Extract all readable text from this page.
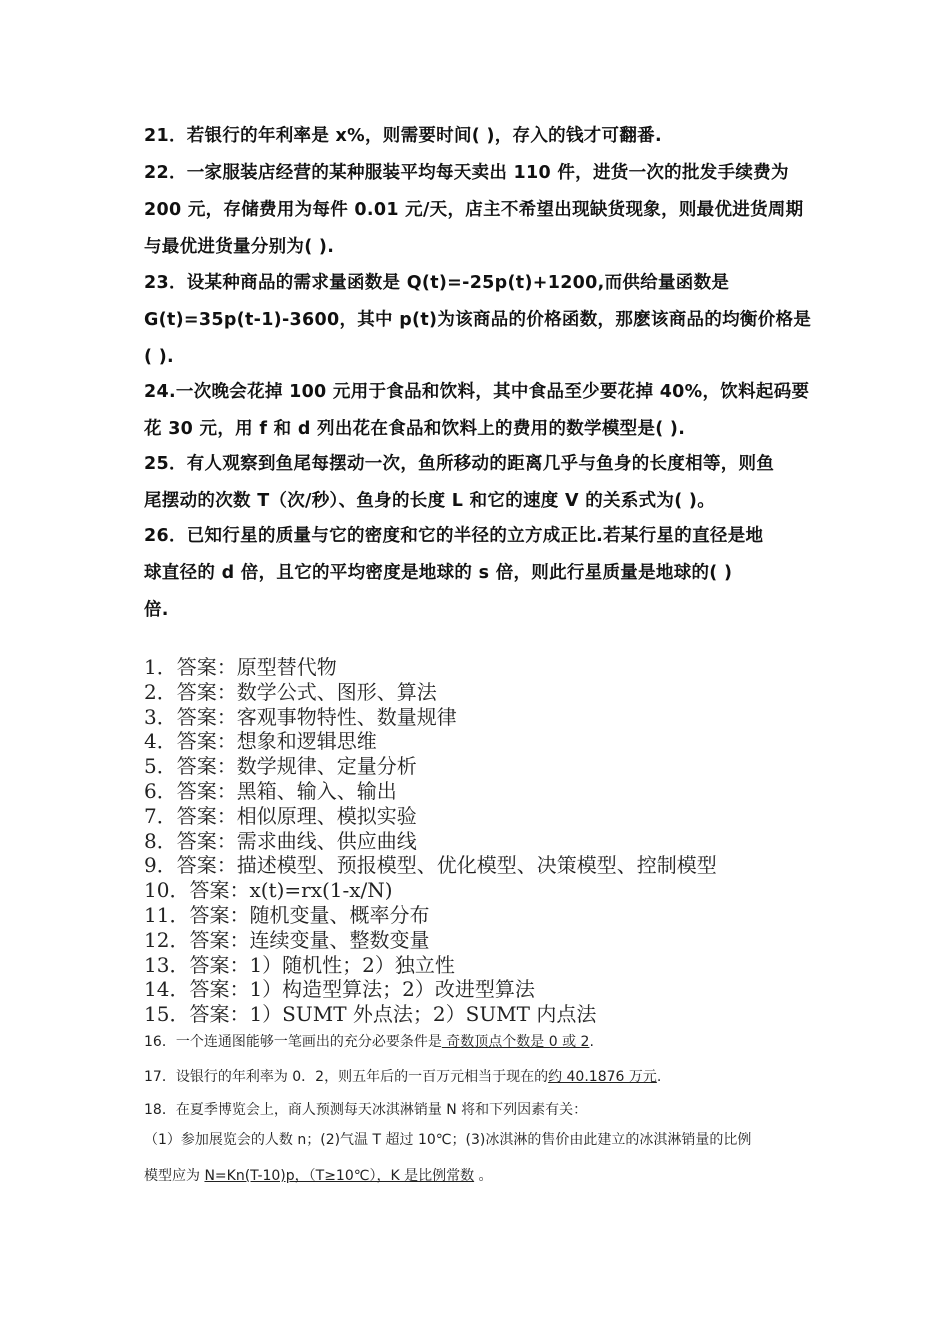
21．若银行的年利率是 x%，则需要时间( )，存入的钱才可翻番.
22．一家服装店经营的某种服装平均每天卖出 110 件，进货一次的批发手续费为
200 元，存储费用为每件 0.01 元/天，店主不希望出现缺货现象，则最优进货周期
与最优进货量分别为( ).
23．设某种商品的需求量函数是 Q(t)=-25p(t)+1200,而供给量函数是
G(t)=35p(t-1)-3600，其中 p(t)为该商品的价格函数，那麽该商品的均衡价格是
( ).
24.一次晚会花掉 100 元用于食品和饮料，其中食品至少要花掉 40%，饮料起码要
花 30 元，用 f 和 d 列出花在食品和饮料上的费用的数学模型是( ).
25．有人观察到鱼尾每摆动一次，鱼所移动的距离几乎与鱼身的长度相等，则鱼
尾摆动的次数 T（次/秒）、鱼身的长度 L 和它的速度 V 的关系式为( )。
26．已知行星的质量与它的密度和它的半径的立方成正比.若某行星的直径是地
球直径的 d 倍，且它的平均密度是地球的 s 倍，则此行星质量是地球的( )
倍.
1．答案：原型替代物
2．答案：数学公式、图形、算法
3．答案：客观事物特性、数量规律
4．答案：想象和逻辑思维
5．答案：数学规律、定量分析
6．答案：黑箱、输入、输出
7．答案：相似原理、模拟实验
8．答案：需求曲线、供应曲线
9．答案：描述模型、预报模型、优化模型、决策模型、控制模型
10．答案：x(t)=rx(1-x/N)
11．答案：随机变量、概率分布
12．答案：连续变量、整数变量
13．答案：1）随机性；2）独立性
14．答案：1）构造型算法；2）改进型算法
15．答案：1）SUMT 外点法；2）SUMT 内点法
16．一个连通图能够一笔画出的充分必要条件是 奇数顶点个数是 0 或 2.
17．设银行的年利率为 0．2，则五年后的一百万元相当于现在的约 40.1876 万元.
18．在夏季博览会上，商人预测每天冰淇淋销量 N 将和下列因素有关：
（1）参加展览会的人数 n；(2)气温 T 超过 10℃；(3)冰淇淋的售价由此建立的冰淇淋销量的比例
模型应为 N=Kn(T-10)p，（T≥10℃），K 是比例常数 。
